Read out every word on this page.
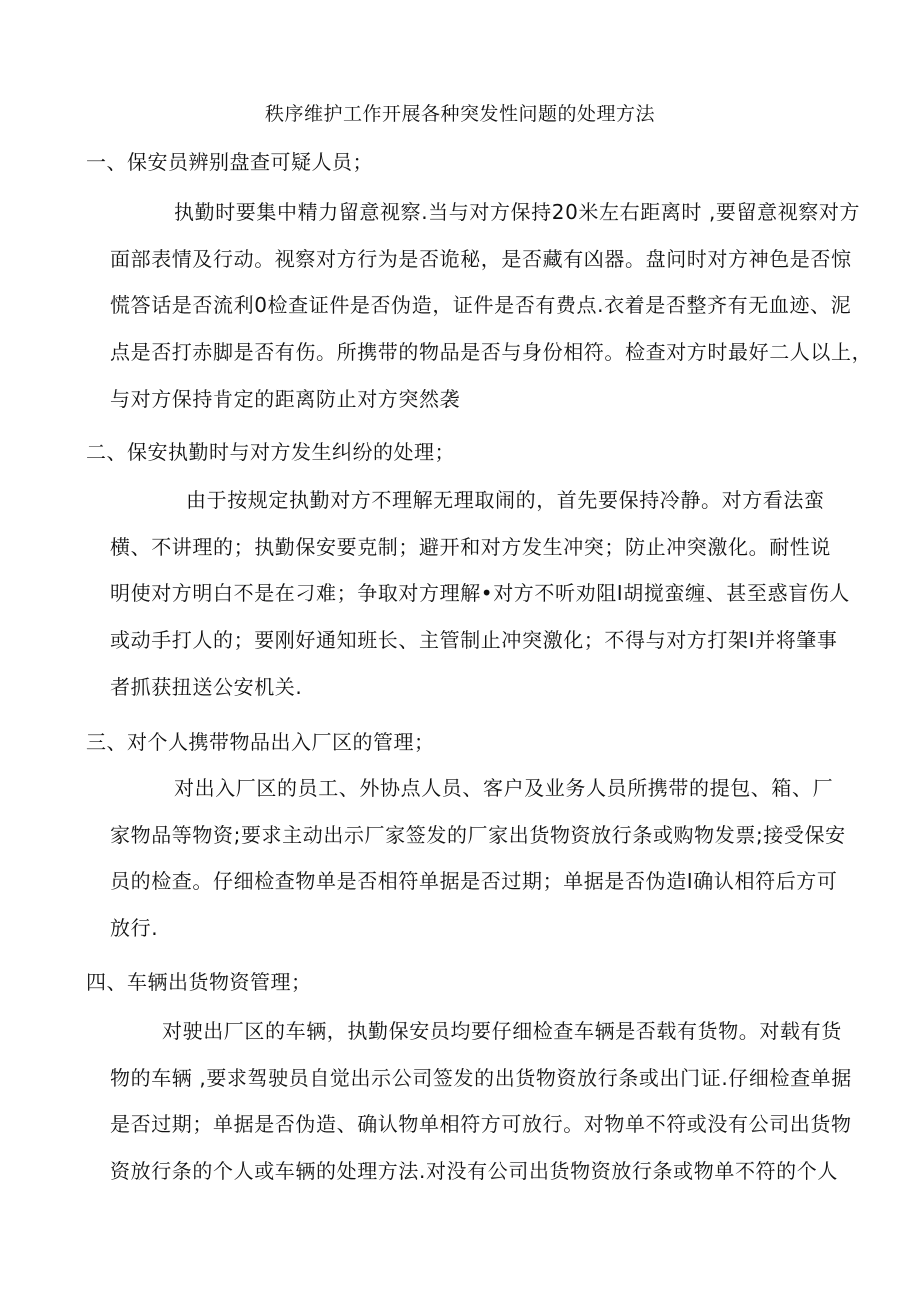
秩序维护工作开展各种突发性问题的处理方法
一、保安员辨别盘查可疑人员；
执勤时要集中精力留意视察.当与对方保持20米左右距离时 ,要留意视察对方
面部表情及行动。视察对方行为是否诡秘，是否藏有凶器。盘问时对方神色是否惊
慌答话是否流利0检查证件是否伪造，证件是否有费点.衣着是否整齐有无血迹、泥
点是否打赤脚是否有伤。所携带的物品是否与身份相符。检查对方时最好二人以上，
与对方保持肯定的距离防止对方突然袭
二、保安执勤时与对方发生纠纷的处理；
由于按规定执勤对方不理解无理取闹的，首先要保持冷静。对方看法蛮
横、不讲理的；执勤保安要克制；避开和对方发生冲突；防止冲突激化。耐性说
明使对方明白不是在刁难；争取对方理解•对方不听劝阻I胡搅蛮缠、甚至惑盲伤人
或动手打人的；要刚好通知班长、主管制止冲突激化；不得与对方打架I并将肇事
者抓获扭送公安机关.
三、对个人携带物品出入厂区的管理；
对出入厂区的员工、外协点人员、客户及业务人员所携带的提包、箱、厂
家物品等物资;要求主动出示厂家签发的厂家出货物资放行条或购物发票;接受保安
员的检查。仔细检查物单是否相符单据是否过期；单据是否伪造I确认相符后方可
放行.
四、车辆出货物资管理；
对驶出厂区的车辆，执勤保安员均要仔细检查车辆是否载有货物。对载有货
物的车辆 ,要求驾驶员自觉出示公司签发的出货物资放行条或出门证.仔细检查单据
是否过期；单据是否伪造、确认物单相符方可放行。对物单不符或没有公司出货物
资放行条的个人或车辆的处理方法.对没有公司出货物资放行条或物单不符的个人
